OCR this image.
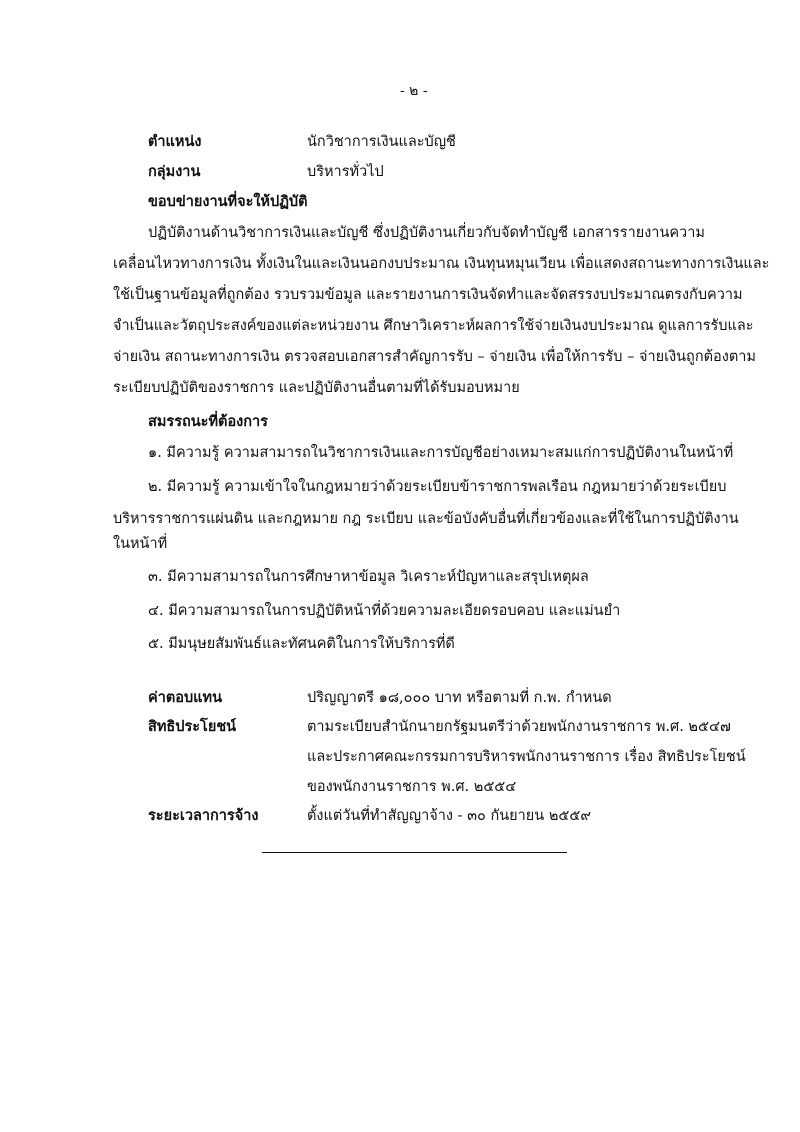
- ๒ -
ตำแหน่ง	นักวิชาการเงินและบัญชี
กลุ่มงาน	บริหารทั่วไป
ขอบข่ายงานที่จะให้ปฏิบัติ
ปฏิบัติงานด้านวิชาการเงินและบัญชี ซึ่งปฏิบัติงานเกี่ยวกับจัดทำบัญชี เอกสารรายงานความ
เคลื่อนไหวทางการเงิน ทั้งเงินในและเงินนอกงบประมาณ เงินทุนหมุนเวียน เพื่อแสดงสถานะทางการเงินและ
ใช้เป็นฐานข้อมูลที่ถูกต้อง รวบรวมข้อมูล และรายงานการเงินจัดทำและจัดสรรงบประมาณตรงกับความ
จำเป็นและวัตถุประสงค์ของแต่ละหน่วยงาน ศึกษาวิเคราะห์ผลการใช้จ่ายเงินงบประมาณ ดูแลการรับและ
จ่ายเงิน สถานะทางการเงิน ตรวจสอบเอกสารสำคัญการรับ – จ่ายเงิน เพื่อให้การรับ – จ่ายเงินถูกต้องตาม
ระเบียบปฏิบัติของราชการ และปฏิบัติงานอื่นตามที่ได้รับมอบหมาย
สมรรถนะที่ต้องการ
๑. มีความรู้ ความสามารถในวิชาการเงินและการบัญชีอย่างเหมาะสมแก่การปฏิบัติงานในหน้าที่
๒. มีความรู้ ความเข้าใจในกฎหมายว่าด้วยระเบียบข้าราชการพลเรือน กฎหมายว่าด้วยระเบียบ
บริหารราชการแผ่นดิน และกฎหมาย กฎ ระเบียบ และข้อบังคับอื่นที่เกี่ยวข้องและที่ใช้ในการปฏิบัติงาน
ในหน้าที่
๓. มีความสามารถในการศึกษาหาข้อมูล วิเคราะห์ปัญหาและสรุปเหตุผล
๔. มีความสามารถในการปฏิบัติหน้าที่ด้วยความละเอียดรอบคอบ และแม่นยำ
๕. มีมนุษยสัมพันธ์และทัศนคติในการให้บริการที่ดี
ค่าตอบแทน	ปริญญาตรี ๑๘,๐๐๐ บาท หรือตามที่ ก.พ. กำหนด
สิทธิประโยชน์	ตามระเบียบสำนักนายกรัฐมนตรีว่าด้วยพนักงานราชการ พ.ศ. ๒๕๔๗
และประกาศคณะกรรมการบริหารพนักงานราชการ เรื่อง สิทธิประโยชน์
ของพนักงานราชการ พ.ศ. ๒๕๕๔
ระยะเวลาการจ้าง	ตั้งแต่วันที่ทำสัญญาจ้าง - ๓๐ กันยายน ๒๕๕๙
